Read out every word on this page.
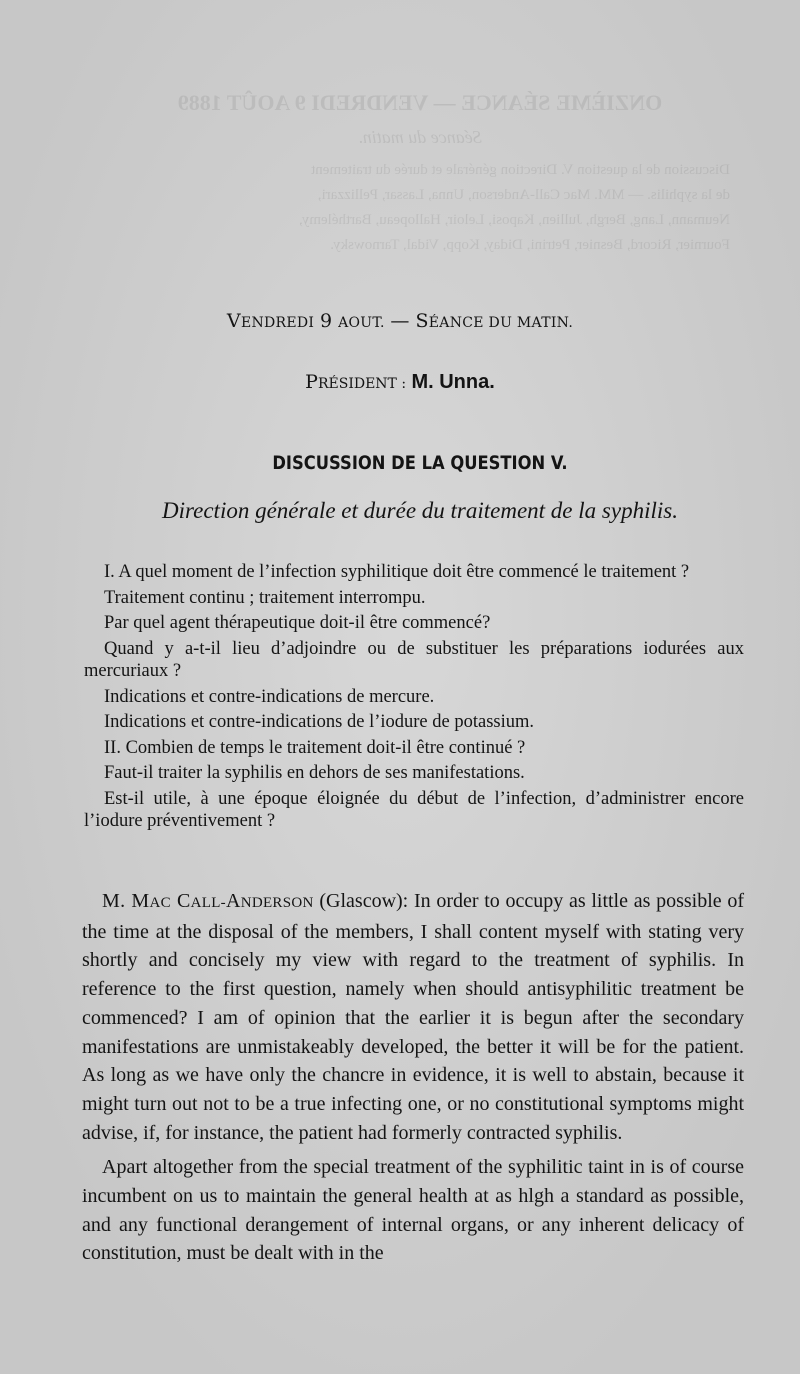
ONZIÈME SÉANCE — VENDREDI 9 AOÛT 1889
Séance du matin.
Discussion de la question V. Direction générale et durée du traitement
de la syphilis. — MM. Mac Call-Anderson, Unna, Lassar, Pellizzari,
Neumann, Lang, Bergh, Jullien, Kaposi, Leloir, Hallopeau, Barthélemy,
Fournier, Ricord, Besnier, Petrini, Diday, Kopp, Vidal, Tarnowsky.
VENDREDI 9 AOUT. — SÉANCE DU MATIN.
PRÉSIDENT : M. Unna.
DISCUSSION DE LA QUESTION V.
Direction générale et durée du traitement de la syphilis.
I. A quel moment de l’infection syphilitique doit être commencé le traitement ?
Traitement continu ; traitement interrompu.
Par quel agent thérapeutique doit-il être commencé?
Quand y a-t-il lieu d’adjoindre ou de substituer les préparations iodurées aux mercuriaux ?
Indications et contre-indications de mercure.
Indications et contre-indications de l’iodure de potassium.
II. Combien de temps le traitement doit-il être continué ?
Faut-il traiter la syphilis en dehors de ses manifestations.
Est-il utile, à une époque éloignée du début de l’infection, d’administrer encore l’iodure préventivement ?

M. MAC CALL-ANDERSON (Glascow): In order to occupy as little as possible of the time at the disposal of the members, I shall content myself with stating very shortly and concisely my view with regard to the treatment of syphilis. In reference to the first question, namely when should antisyphilitic treatment be commenced? I am of opinion that the earlier it is begun after the secondary manifestations are unmistakeably developed, the better it will be for the patient. As long as we have only the chancre in evidence, it is well to abstain, because it might turn out not to be a true infecting one, or no constitutional symptoms might advise, if, for instance, the patient had formerly contracted syphilis.

Apart altogether from the special treatment of the syphilitic taint in is of course incumbent on us to maintain the general health at as hlgh a standard as possible, and any functional derangement of internal organs, or any inherent delicacy of constitution, must be dealt with in the
